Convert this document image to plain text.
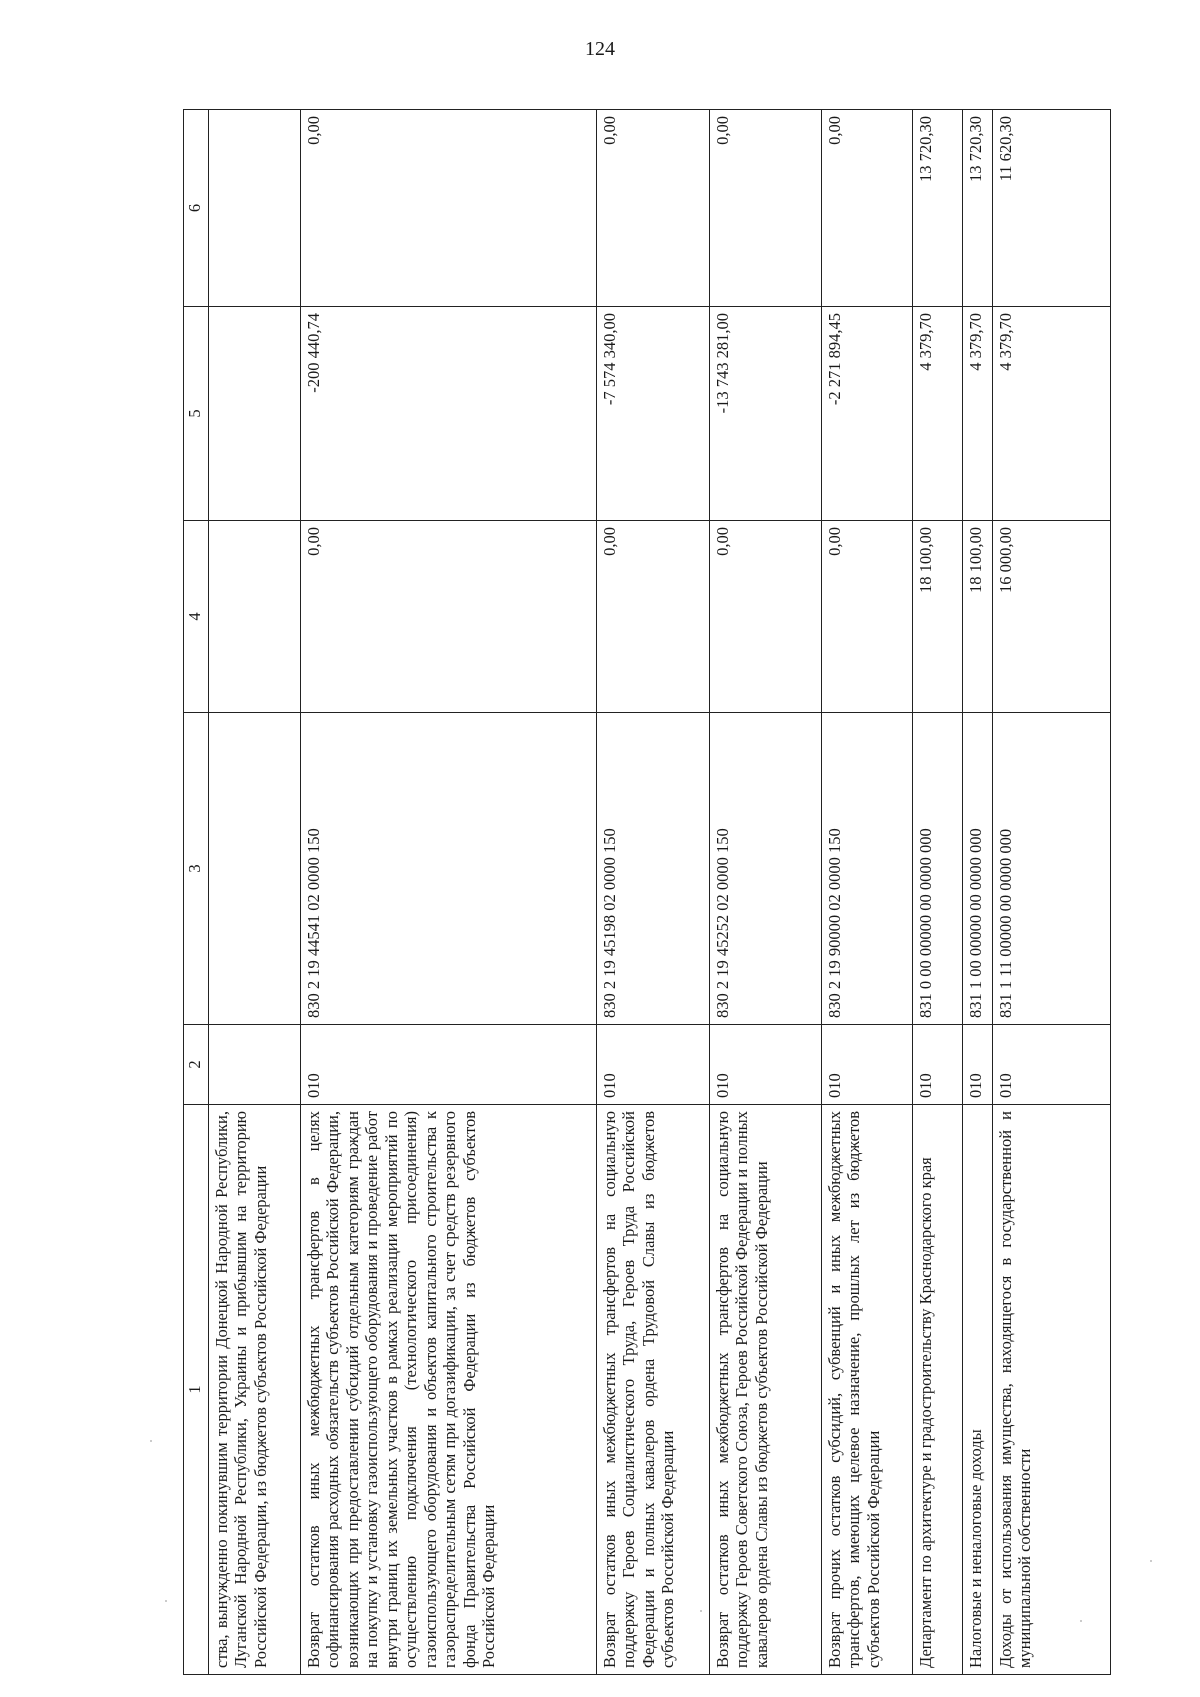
124
1	2	3	4	5	6
ства, вынужденно покинувшим территории Донецкой Народной Республики, Луганской Народной Республики, Украины и прибывшим на территорию Российской Федерации, из бюджетов субъектов Российской Федерации					
Возврат остатков иных межбюджетных трансфертов в целях софинансирования расходных обязательств субъектов Российской Федерации, возникающих при предоставлении субсидий отдельным категориям граждан на покупку и установку газоиспользующего оборудования и проведение работ внутри границ их земельных участков в рамках реализации мероприятий по осуществлению подключения (технологического присоединения) газоиспользующего оборудования и объектов капитального строительства к газораспределительным сетям при догазификации, за счет средств резервного фонда Правительства Российской Федерации из бюджетов субъектов Российской Федерации	010	830 2 19 44541 02 0000 150	0,00	-200 440,74	0,00
Возврат остатков иных межбюджетных трансфертов на социальную поддержку Героев Социалистического Труда, Героев Труда Российской Федерации и полных кавалеров ордена Трудовой Славы из бюджетов субъектов Российской Федерации	010	830 2 19 45198 02 0000 150	0,00	-7 574 340,00	0,00
Возврат остатков иных межбюджетных трансфертов на социальную поддержку Героев Советского Союза, Героев Российской Федерации и полных кавалеров ордена Славы из бюджетов субъектов Российской Федерации	010	830 2 19 45252 02 0000 150	0,00	-13 743 281,00	0,00
Возврат прочих остатков субсидий, субвенций и иных межбюджетных трансфертов, имеющих целевое назначение, прошлых лет из бюджетов субъектов Российской Федерации	010	830 2 19 90000 02 0000 150	0,00	-2 271 894,45	0,00
Департамент по архитектуре и градостроительству Краснодарского края	010	831 0 00 00000 00 0000 000	18 100,00	4 379,70	13 720,30
Налоговые и неналоговые доходы	010	831 1 00 00000 00 0000 000	18 100,00	4 379,70	13 720,30
Доходы от использования имущества, находящегося в государственной и муниципальной собственности	010	831 1 11 00000 00 0000 000	16 000,00	4 379,70	11 620,30
